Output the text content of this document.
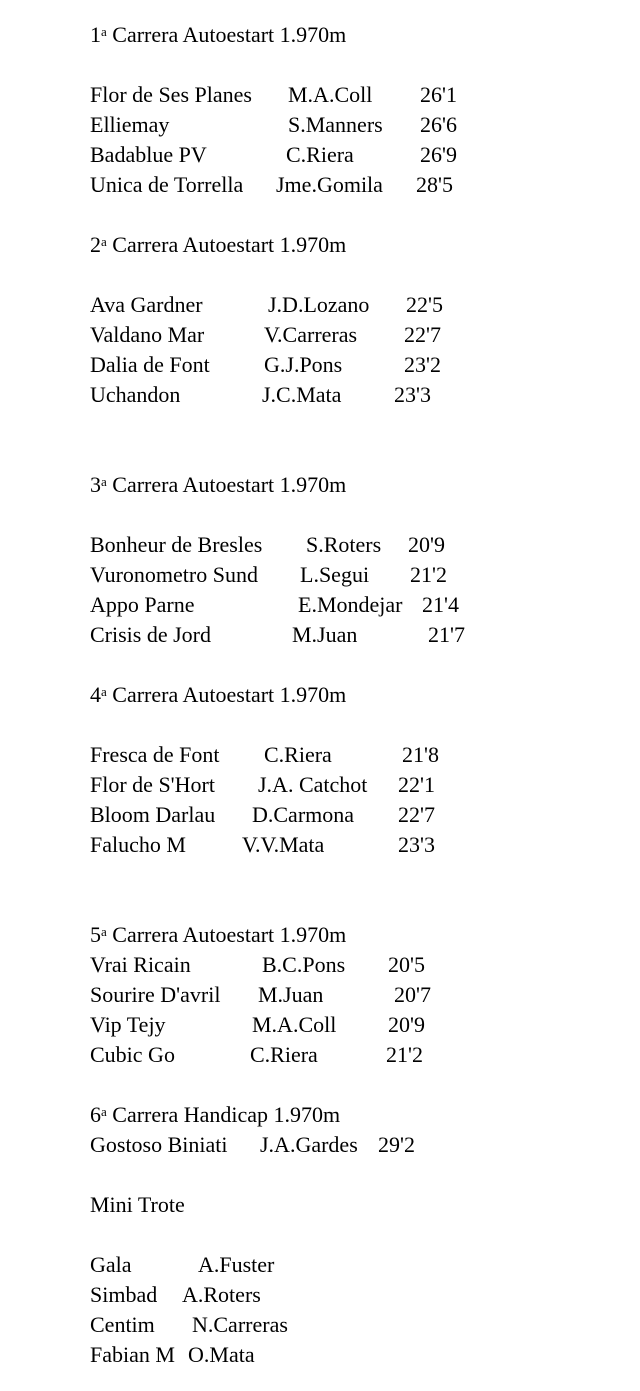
1$^a$ Carrera Autoestart 1.970m
Flor de Ses Planes M.A.Coll 26'1
Elliemay	S.Manners 26'6
Badablue PV	C.Riera	26'9
Unica de Torrella Jme.Gomila 28'5
2$^a$ Carrera Autoestart 1.970m
Ava Gardner	J.D.Lozano 22'5
Valdano Mar	V.Carreras 22'7
Dalia de Font G.J.Pons	23'2
Uchandon	J.C.Mata 23'3
3$^a$ Carrera Autoestart 1.970m
Bonheur de Bresles S.Roters 20'9
Vuronometro Sund L.Segui 21'2
Appo Parne	E.Mondejar 21'4
Crisis de Jord	M.Juan	21'7
4$^a$ Carrera Autoestart 1.970m
Fresca de Font C.Riera	21'8
Flor de S'Hort J.A. Catchot 22'1
Bloom Darlau D.Carmona 22'7
Falucho M	V.V.Mata	23'3
5$^a$ Carrera Autoestart 1.970m
Vrai Ricain	B.C.Pons 20'5
Sourire D'avril M.Juan	20'7
Vip Tejy	M.A.Coll 20'9
Cubic Go	C.Riera	21'2
6$^a$ Carrera Handicap 1.970m
Gostoso Biniati J.A.Gardes 29'2
Mini Trote
Gala	A.Fuster
Simbad A.Roters
Centim N.Carreras
Fabian M O.Mata
